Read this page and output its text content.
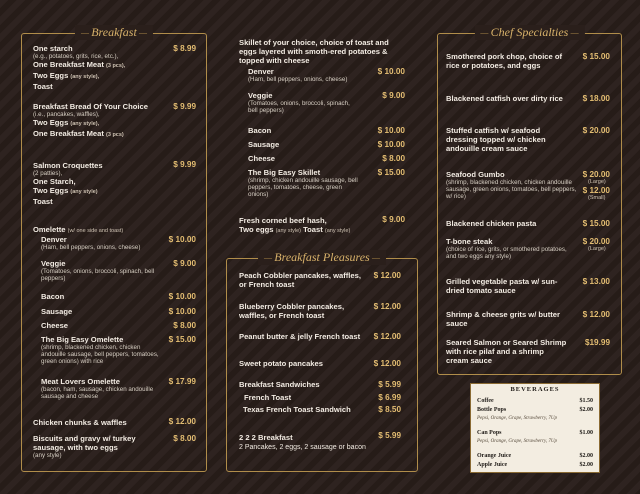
— Breakfast —
One starch
(e.g., potatoes, grits, rice, etc.),
One Breakfast Meat (3 pcs),
Two Eggs (any style),
Toast
$ 8.99
Breakfast Bread Of Your Choice
(i.e., pancakes, waffles),
Two Eggs (any style),
One Breakfast Meat (3 pcs)
$ 9.99
Salmon Croquettes
(2 patties),
One Starch,
Two Eggs (any style)
Toast
$ 9.99
Omelette (w/ one side and toast)
Denver
(Ham, bell peppers, onions, cheese)
$ 10.00
Veggie
(Tomatoes, onions, broccoli, spinach, bell peppers)
$ 9.00
Bacon	$ 10.00
Sausage	$ 10.00
Cheese	$ 8.00
The Big Easy Omelette
(shrimp, blackened chicken, chicken andouille sausage, bell peppers, tomatoes, green onions) with rice
$ 15.00
Meat Lovers Omelette
(bacon, ham, sausage, chicken andouille sausage and cheese
$ 17.99
Chicken chunks & waffles	$ 12.00
Biscuits and gravy w/ turkey sausage, with two eggs
(any style)
$ 8.00
Skillet of your choice, choice of toast and eggs layered with smoth-ered potatoes & topped with cheese
Denver
(Ham, bell peppers, onions, cheese)
$ 10.00
Veggie
(Tomatoes, onions, broccoli, spinach, bell peppers)
$ 9.00
Bacon	$ 10.00
Sausage	$ 10.00
Cheese	$ 8.00
The Big Easy Skillet
(shrimp, chicken andouille sausage, bell peppers, tomatoes, cheese, green onions)
$ 15.00
Fresh corned beef hash,
Two eggs (any style) Toast (any style)
$ 9.00
— Breakfast Pleasures —
Peach Cobbler pancakes, waffles, or French toast
$ 12.00
Blueberry Cobbler pancakes, waffles, or French toast
$ 12.00
Peanut butter & jelly French toast	$ 12.00
Sweet potato pancakes	$ 12.00
Breakfast Sandwiches	$ 5.99
French Toast	$ 6.99
Texas French Toast Sandwich	$ 8.50
2 2 2 Breakfast
2 Pancakes, 2 eggs, 2 sausage or bacon
$ 5.99
— Chef Specialties —
Smothered pork chop, choice of rice or potatoes, and eggs
$ 15.00
Blackened catfish over dirty rice	$ 18.00
Stuffed catfish w/ seafood dressing topped w/ chicken andouille cream sauce
$ 20.00
Seafood Gumbo
(shrimp, blackened chicken, chicken andouille sausage, green onions, tomatoes, bell peppers, w/ rice)
$ 20.00
(Large)
$ 12.00
(Small)
Blackened chicken pasta	$ 15.00
T-bone steak
(choice of rice, grits, or smothered potatoes, and two eggs any style)
$ 20.00
(Large)
Grilled vegetable pasta w/ sun-dried tomato sauce
$ 13.00
Shrimp & cheese grits w/ butter sauce
$ 12.00
Seared Salmon or Seared Shrimp with rice pilaf and a shrimp cream sauce
$19.99
BEVERAGES
Coffee	$1.50
Bottle Pops	$2.00
Pepsi, Orange, Grape, Strawberry, 7Up
Can Pops	$1.00
Pepsi, Orange, Grape, Strawberry, 7Up
Orange Juice	$2.00
Apple Juice	$2.00
